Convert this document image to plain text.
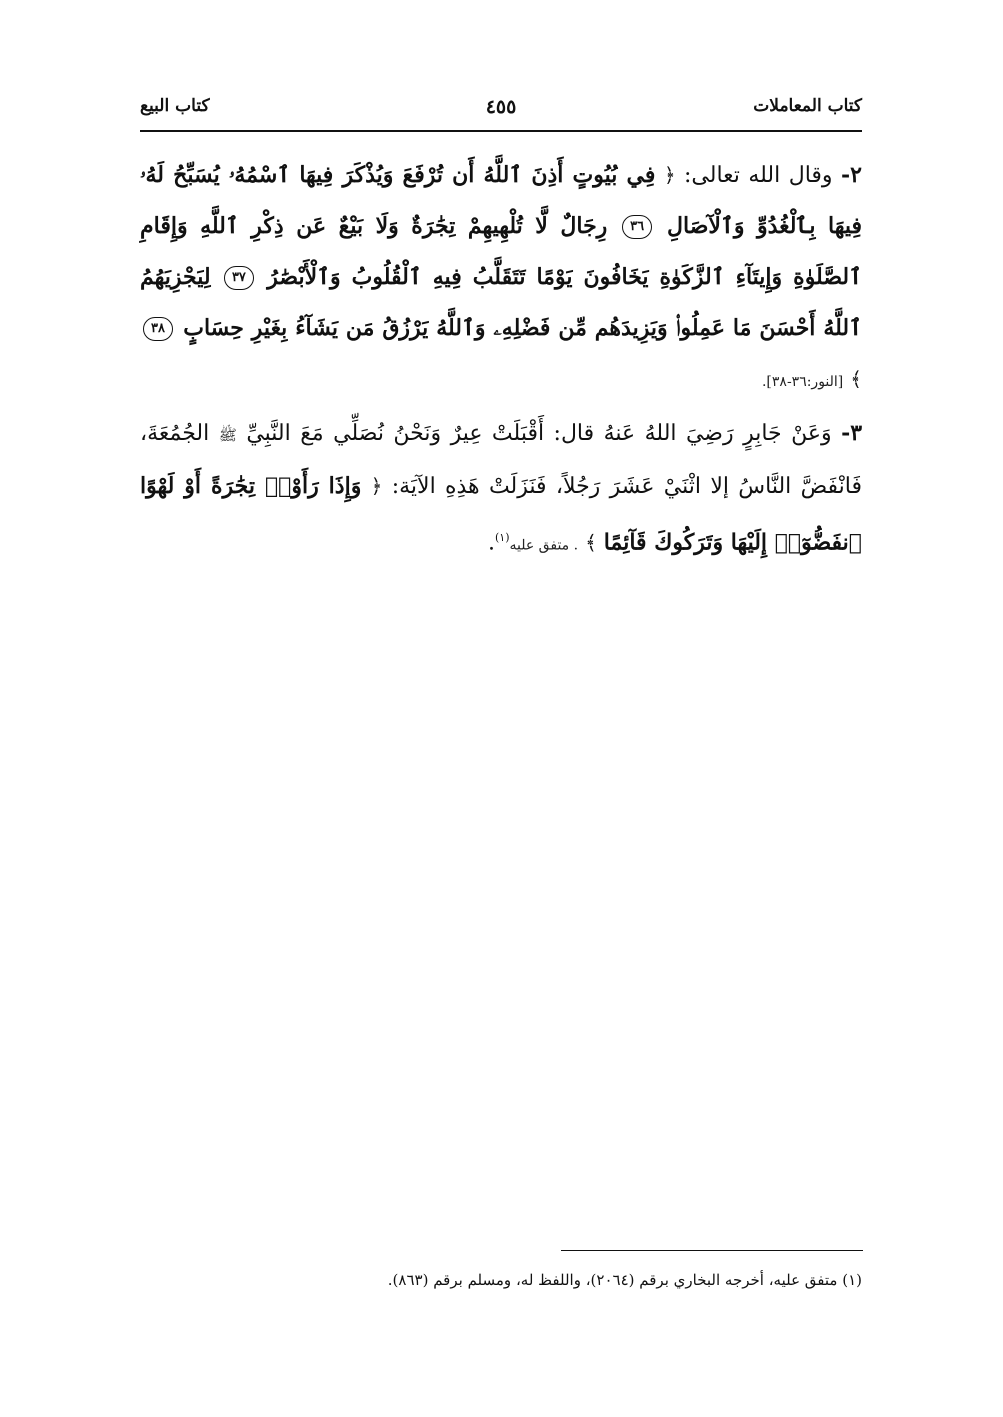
كتاب المعاملات
٤٥٥
كتاب البيع

٢- وقال الله تعالى: ﴿ فِي بُيُوتٍ أَذِنَ ٱللَّهُ أَن تُرْفَعَ وَيُذْكَرَ فِيهَا ٱسْمُهُۥ يُسَبِّحُ لَهُۥ فِيهَا بِٱلْغُدُوِّ وَٱلْآصَالِ ٣٦ رِجَالٌ لَّا تُلْهِيهِمْ تِجَٰرَةٌ وَلَا بَيْعٌ عَن ذِكْرِ ٱللَّهِ وَإِقَامِ ٱلصَّلَوٰةِ وَإِيتَآءِ ٱلزَّكَوٰةِ يَخَافُونَ يَوْمًا تَتَقَلَّبُ فِيهِ ٱلْقُلُوبُ وَٱلْأَبْصَٰرُ ٣٧ لِيَجْزِيَهُمُ ٱللَّهُ أَحْسَنَ مَا عَمِلُوا۟ وَيَزِيدَهُم مِّن فَضْلِهِۦ وَٱللَّهُ يَرْزُقُ مَن يَشَآءُ بِغَيْرِ حِسَابٍ ٣٨ ﴾ [النور:٣٦-٣٨].

٣- وَعَنْ جَابِرٍ رَضِيَ اللهُ عَنهُ قال: أَقْبَلَتْ عِيرٌ وَنَحْنُ نُصَلِّي مَعَ النَّبِيِّ ﷺ الجُمُعَةَ، فَانْفَضَّ النَّاسُ إلا اثْنَيْ عَشَرَ رَجُلاً، فَنَزَلَتْ هَذِهِ الآيَة: ﴿ وَإِذَا رَأَوْا۟ تِجَٰرَةً أَوْ لَهْوًا ٱنفَضُّوٓا۟ إِلَيْهَا وَتَرَكُوكَ قَآئِمًا ﴾ . متفق عليه$^{(١)}$.

(١) متفق عليه، أخرجه البخاري برقم (٢٠٦٤)، واللفظ له، ومسلم برقم (٨٦٣).
